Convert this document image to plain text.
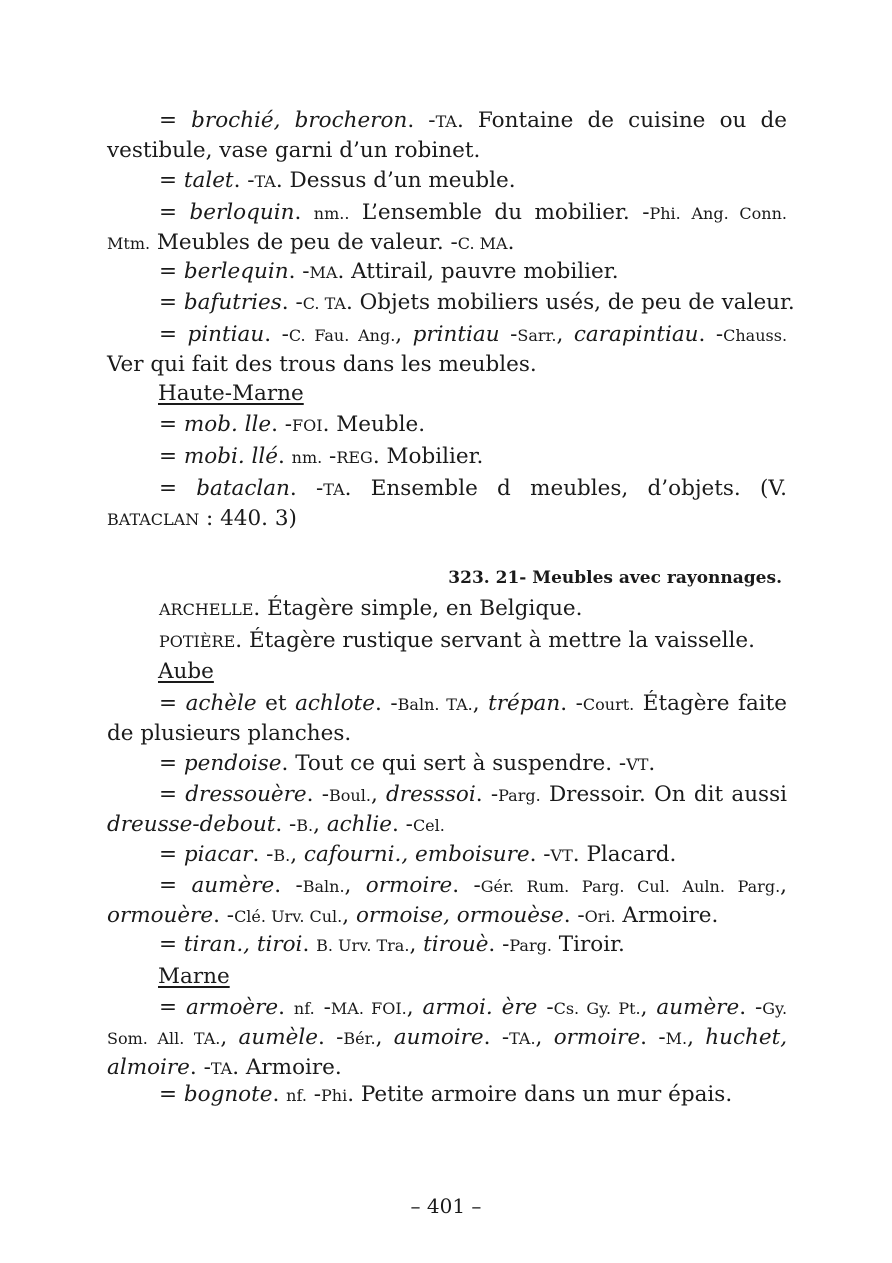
= brochié, brocheron. -TA. Fontaine de cuisine ou de vestibule, vase garni d’un robinet.
= talet. -TA. Dessus d’un meuble.
= berloquin. nm.. L’ensemble du mobilier. -Phi. Ang. Conn. Mtm. Meubles de peu de valeur. -C. MA.
= berlequin. -MA. Attirail, pauvre mobilier.
= bafutries. -C. TA. Objets mobiliers usés, de peu de valeur.
= pintiau. -C. Fau. Ang., printiau -Sarr., carapintiau. -Chauss. Ver qui fait des trous dans les meubles.
Haute-Marne
= mob. lle. -FOI. Meuble.
= mobi. llé. nm. -REG. Mobilier.
= bataclan. -TA. Ensemble d meubles, d’objets. (V. BATACLAN : 440. 3)
323. 21- Meubles avec rayonnages.
ARCHELLE. Étagère simple, en Belgique.
POTIÈRE. Étagère rustique servant à mettre la vaisselle.
Aube
= achèle et achlote. -Baln. TA., trépan. -Court. Étagère faite de plusieurs planches.
= pendoise. Tout ce qui sert à suspendre. -VT.
= dressouère. -Boul., dresssoi. -Parg. Dressoir. On dit aussi dreusse-debout. -B., achlie. -Cel.
= piacar. -B., cafourni., emboisure. -VT. Placard.
= aumère. -Baln., ormoire. -Gér. Rum. Parg. Cul. Auln. Parg., ormouère. -Clé. Urv. Cul., ormoise, ormouèse. -Ori. Armoire.
= tiran., tiroi. B. Urv. Tra., tirouè. -Parg. Tiroir.
Marne
= armoère. nf. -MA. FOI., armoi. ère -Cs. Gy. Pt., aumère. -Gy. Som. All. TA., aumèle. -Bér., aumoire. -TA., ormoire. -M., huchet, almoire. -TA. Armoire.
= bognote. nf. -Phi. Petite armoire dans un mur épais.
– 401 –
